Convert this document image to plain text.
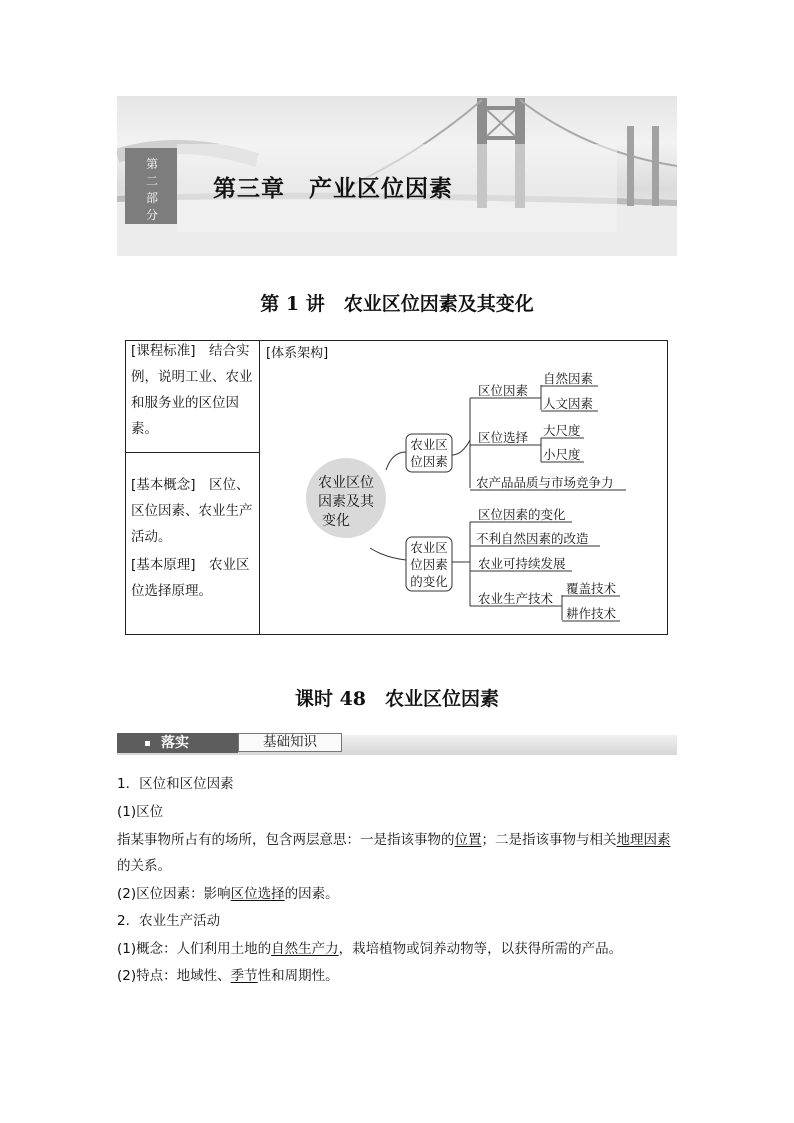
第
二
部
分
第三章　产业区位因素
第 1 讲　农业区位因素及其变化
[课程标准]　结合实例，说明工业、农业和服务业的区位因素。
[基本概念]　区位、区位因素、农业生产活动。
[基本原理]　农业区位选择原理。
[体系架构]
农业区位
因素及其
变化
农业区
位因素
农业区
位因素
的变化
区位因素
区位选择
农产品品质与市场竞争力
自然因素
人文因素
大尺度
小尺度
区位因素的变化
不利自然因素的改造
农业可持续发展
农业生产技术
覆盖技术
耕作技术
课时 48　农业区位因素
落实	基础知识
1．区位和区位因素
(1)区位
指某事物所占有的场所，包含两层意思：一是指该事物的位置；二是指该事物与相关地理因素的关系。
(2)区位因素：影响区位选择的因素。
2．农业生产活动
(1)概念：人们利用土地的自然生产力，栽培植物或饲养动物等，以获得所需的产品。
(2)特点：地域性、季节性和周期性。
